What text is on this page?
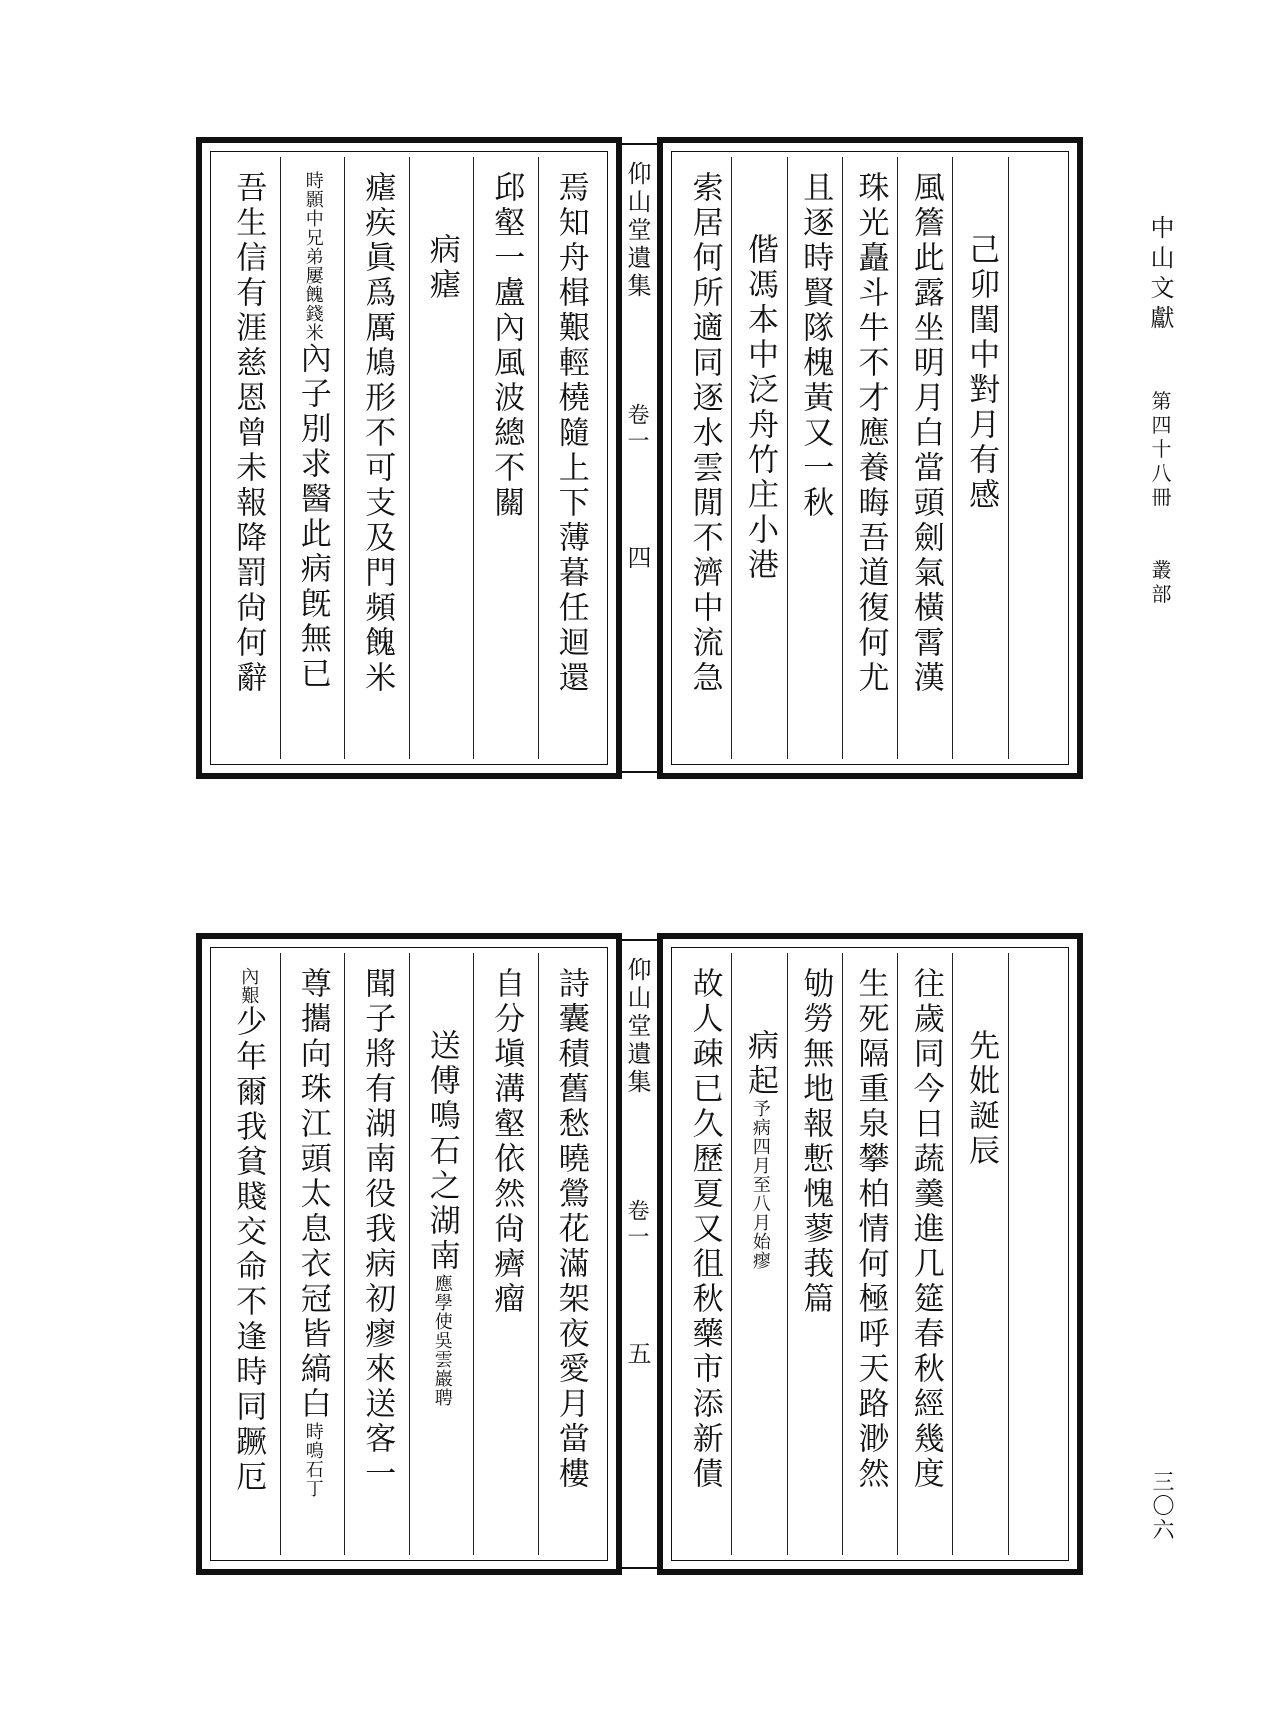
中山文獻  第四十八冊  叢部
三〇六
焉知舟楫艱輕橈隨上下薄暮任迴還
邱壑一盧內風波總不關
病瘧
瘧疾眞爲厲鳩形不可支及門頻餽米
時顥中兄弟屢餽錢米
內子別求醫此病旣無已
吾生信有涯慈恩曾未報降罰尙何辭	仰山堂遺集
卷一
四
己卯閨中對月有感
風簷此露坐明月白當頭劍氣橫霄漢
珠光矗斗牛不才應養晦吾道復何尤
且逐時賢隊槐黃又一秋
偕馮本中泛舟竹庄小港
索居何所適同逐水雲閒不濟中流急
詩囊積舊愁曉鶯花滿架夜愛月當樓
自分塡溝壑依然尙癠瘤
送傅鳴石之湖南
應學使吳雲巖聘
聞子將有湖南役我病初瘳來送客一
尊攜向珠江頭太息衣冠皆縞白
時鳴石丁
內艱
少年爾我貧賤交命不逢時同蹶厄	仰山堂遺集
卷一
五
先妣誕辰
往歲同今日蔬羹進几筵春秋經幾度
生死隔重泉攀柏情何極呼天路渺然
劬勞無地報慙愧蓼莪篇
病起
予病四月至八月始瘳
故人疎已久歷夏又徂秋藥市添新債
